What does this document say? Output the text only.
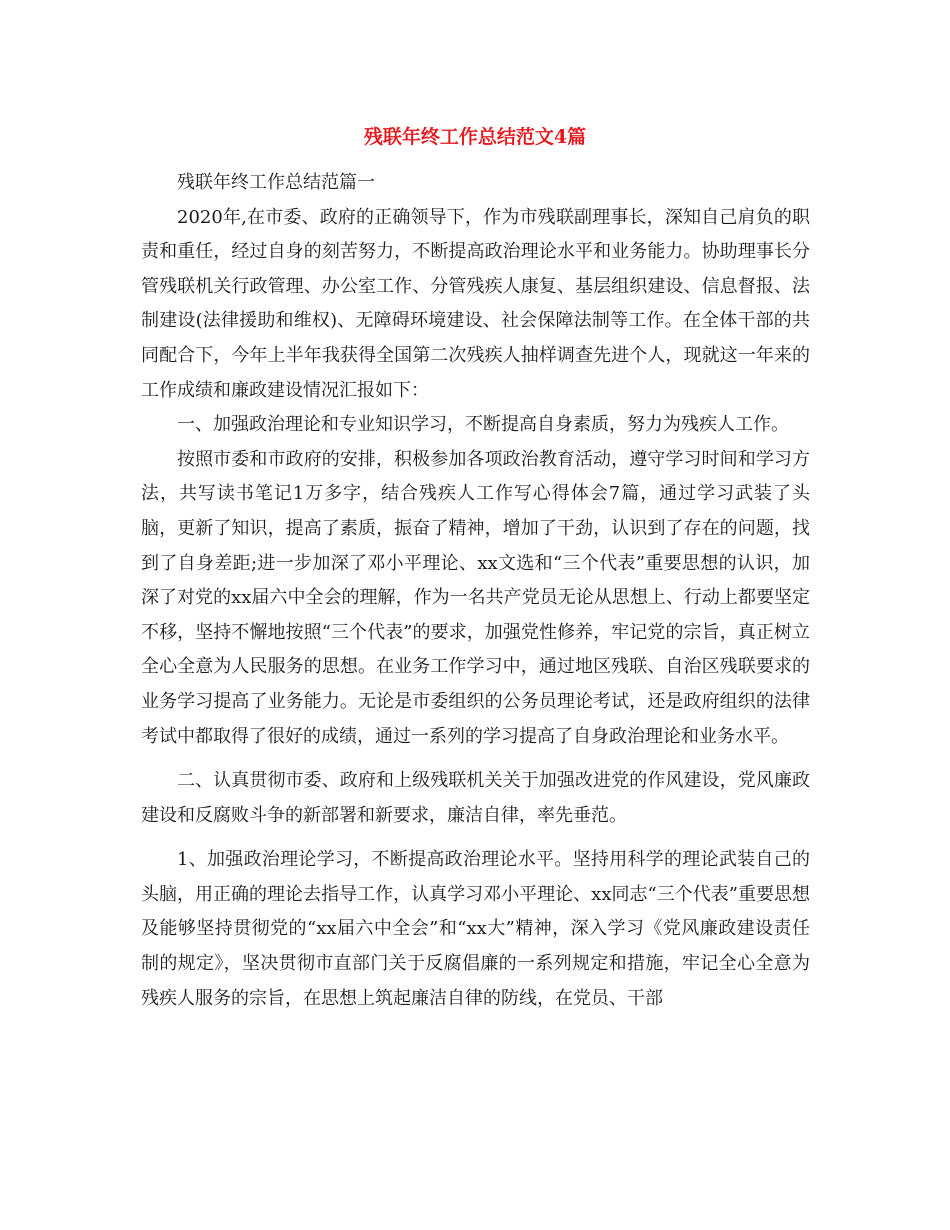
残联年终工作总结范文4篇

残联年终工作总结范篇一

2020年,在市委、政府的正确领导下，作为市残联副理事长，深知自己肩负的职责和重任，经过自身的刻苦努力，不断提高政治理论水平和业务能力。协助理事长分管残联机关行政管理、办公室工作、分管残疾人康复、基层组织建设、信息督报、法制建设(法律援助和维权)、无障碍环境建设、社会保障法制等工作。在全体干部的共同配合下，今年上半年我获得全国第二次残疾人抽样调查先进个人，现就这一年来的工作成绩和廉政建设情况汇报如下：

一、加强政治理论和专业知识学习，不断提高自身素质，努力为残疾人工作。

按照市委和市政府的安排，积极参加各项政治教育活动，遵守学习时间和学习方法，共写读书笔记1万多字，结合残疾人工作写心得体会7篇，通过学习武装了头脑，更新了知识，提高了素质，振奋了精神，增加了干劲，认识到了存在的问题，找到了自身差距;进一步加深了邓小平理论、xx文选和“三个代表”重要思想的认识，加深了对党的xx届六中全会的理解，作为一名共产党员无论从思想上、行动上都要坚定不移，坚持不懈地按照“三个代表”的要求，加强党性修养，牢记党的宗旨，真正树立全心全意为人民服务的思想。在业务工作学习中，通过地区残联、自治区残联要求的业务学习提高了业务能力。无论是市委组织的公务员理论考试，还是政府组织的法律考试中都取得了很好的成绩，通过一系列的学习提高了自身政治理论和业务水平。

二、认真贯彻市委、政府和上级残联机关关于加强改进党的作风建设，党风廉政建设和反腐败斗争的新部署和新要求，廉洁自律，率先垂范。

1、加强政治理论学习，不断提高政治理论水平。坚持用科学的理论武装自己的头脑，用正确的理论去指导工作，认真学习邓小平理论、xx同志“三个代表”重要思想及能够坚持贯彻党的“xx届六中全会”和“xx大”精神，深入学习《党风廉政建设责任制的规定》，坚决贯彻市直部门关于反腐倡廉的一系列规定和措施，牢记全心全意为残疾人服务的宗旨，在思想上筑起廉洁自律的防线，在党员、干部
